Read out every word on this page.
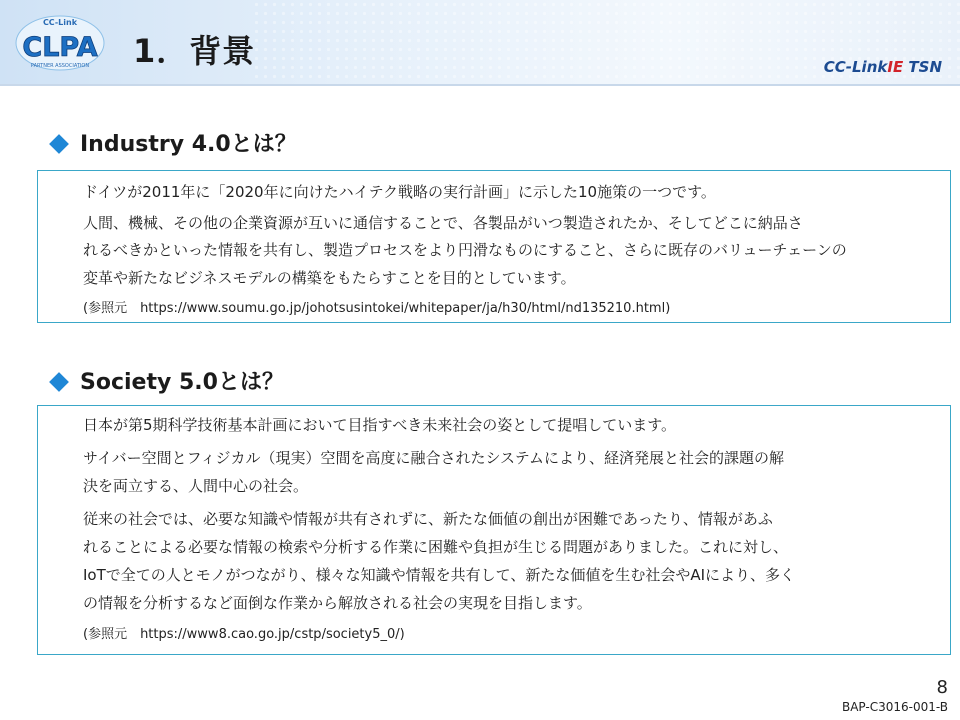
CC-Link
CLPA
PARTNER ASSOCIATION 1．背景	CC-LinkIE TSN
Industry 4.0とは？

ドイツが2011年に「2020年に向けたハイテク戦略の実行計画」に示した10施策の一つです。

人間、機械、その他の企業資源が互いに通信することで、各製品がいつ製造されたか、そしてどこに納品さ

れるべきかといった情報を共有し、製造プロセスをより円滑なものにすること、さらに既存のバリューチェーンの

変革や新たなビジネスモデルの構築をもたらすことを目的としています。

(参照元　https://www.soumu.go.jp/johotsusintokei/whitepaper/ja/h30/html/nd135210.html)

Society 5.0とは？

日本が第5期科学技術基本計画において目指すべき未来社会の姿として提唱しています。

サイバー空間とフィジカル（現実）空間を高度に融合されたシステムにより、経済発展と社会的課題の解

決を両立する、人間中心の社会。

従来の社会では、必要な知識や情報が共有されずに、新たな価値の創出が困難であったり、情報があふ

れることによる必要な情報の検索や分析する作業に困難や負担が生じる問題がありました。これに対し、

IoTで全ての人とモノがつながり、様々な知識や情報を共有して、新たな価値を生む社会やAIにより、多く

の情報を分析するなど面倒な作業から解放される社会の実現を目指します。

(参照元　https://www8.cao.go.jp/cstp/society5_0/)

8
BAP-C3016-001-B
